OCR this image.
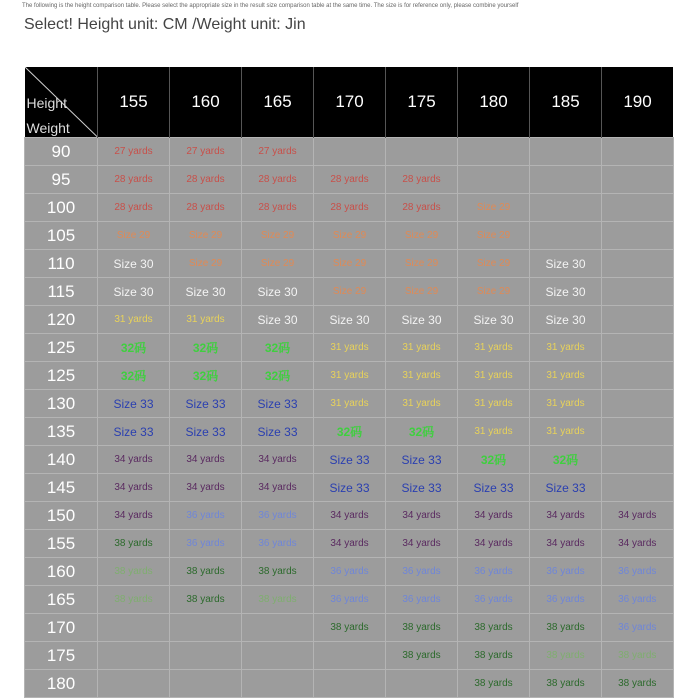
The following is the height comparison table. Please select the appropriate size in the result size comparison table at the same time. The size is for reference only, please combine yourself
Select! Height unit: CM /Weight unit: Jin
Height
Weight	155	160	165	170	175	180	185	190
90	27 yards	27 yards	27 yards					
95	28 yards	28 yards	28 yards	28 yards	28 yards			
100	28 yards	28 yards	28 yards	28 yards	28 yards	Size 29		
105	Size 29	Size 29	Size 29	Size 29	Size 29	Size 29		
110	Size 30	Size 29	Size 29	Size 29	Size 29	Size 29	Size 30	
115	Size 30	Size 30	Size 30	Size 29	Size 29	Size 29	Size 30	
120	31 yards	31 yards	Size 30	Size 30	Size 30	Size 30	Size 30	
125	32码	32码	32码	31 yards	31 yards	31 yards	31 yards	
125	32码	32码	32码	31 yards	31 yards	31 yards	31 yards	
130	Size 33	Size 33	Size 33	31 yards	31 yards	31 yards	31 yards	
135	Size 33	Size 33	Size 33	32码	32码	31 yards	31 yards	
140	34 yards	34 yards	34 yards	Size 33	Size 33	32码	32码	
145	34 yards	34 yards	34 yards	Size 33	Size 33	Size 33	Size 33	
150	34 yards	36 yards	36 yards	34 yards	34 yards	34 yards	34 yards	34 yards
155	38 yards	36 yards	36 yards	34 yards	34 yards	34 yards	34 yards	34 yards
160	38 yards	38 yards	38 yards	36 yards	36 yards	36 yards	36 yards	36 yards
165	38 yards	38 yards	38 yards	36 yards	36 yards	36 yards	36 yards	36 yards
170				38 yards	38 yards	38 yards	38 yards	36 yards
175					38 yards	38 yards	38 yards	38 yards
180						38 yards	38 yards	38 yards
